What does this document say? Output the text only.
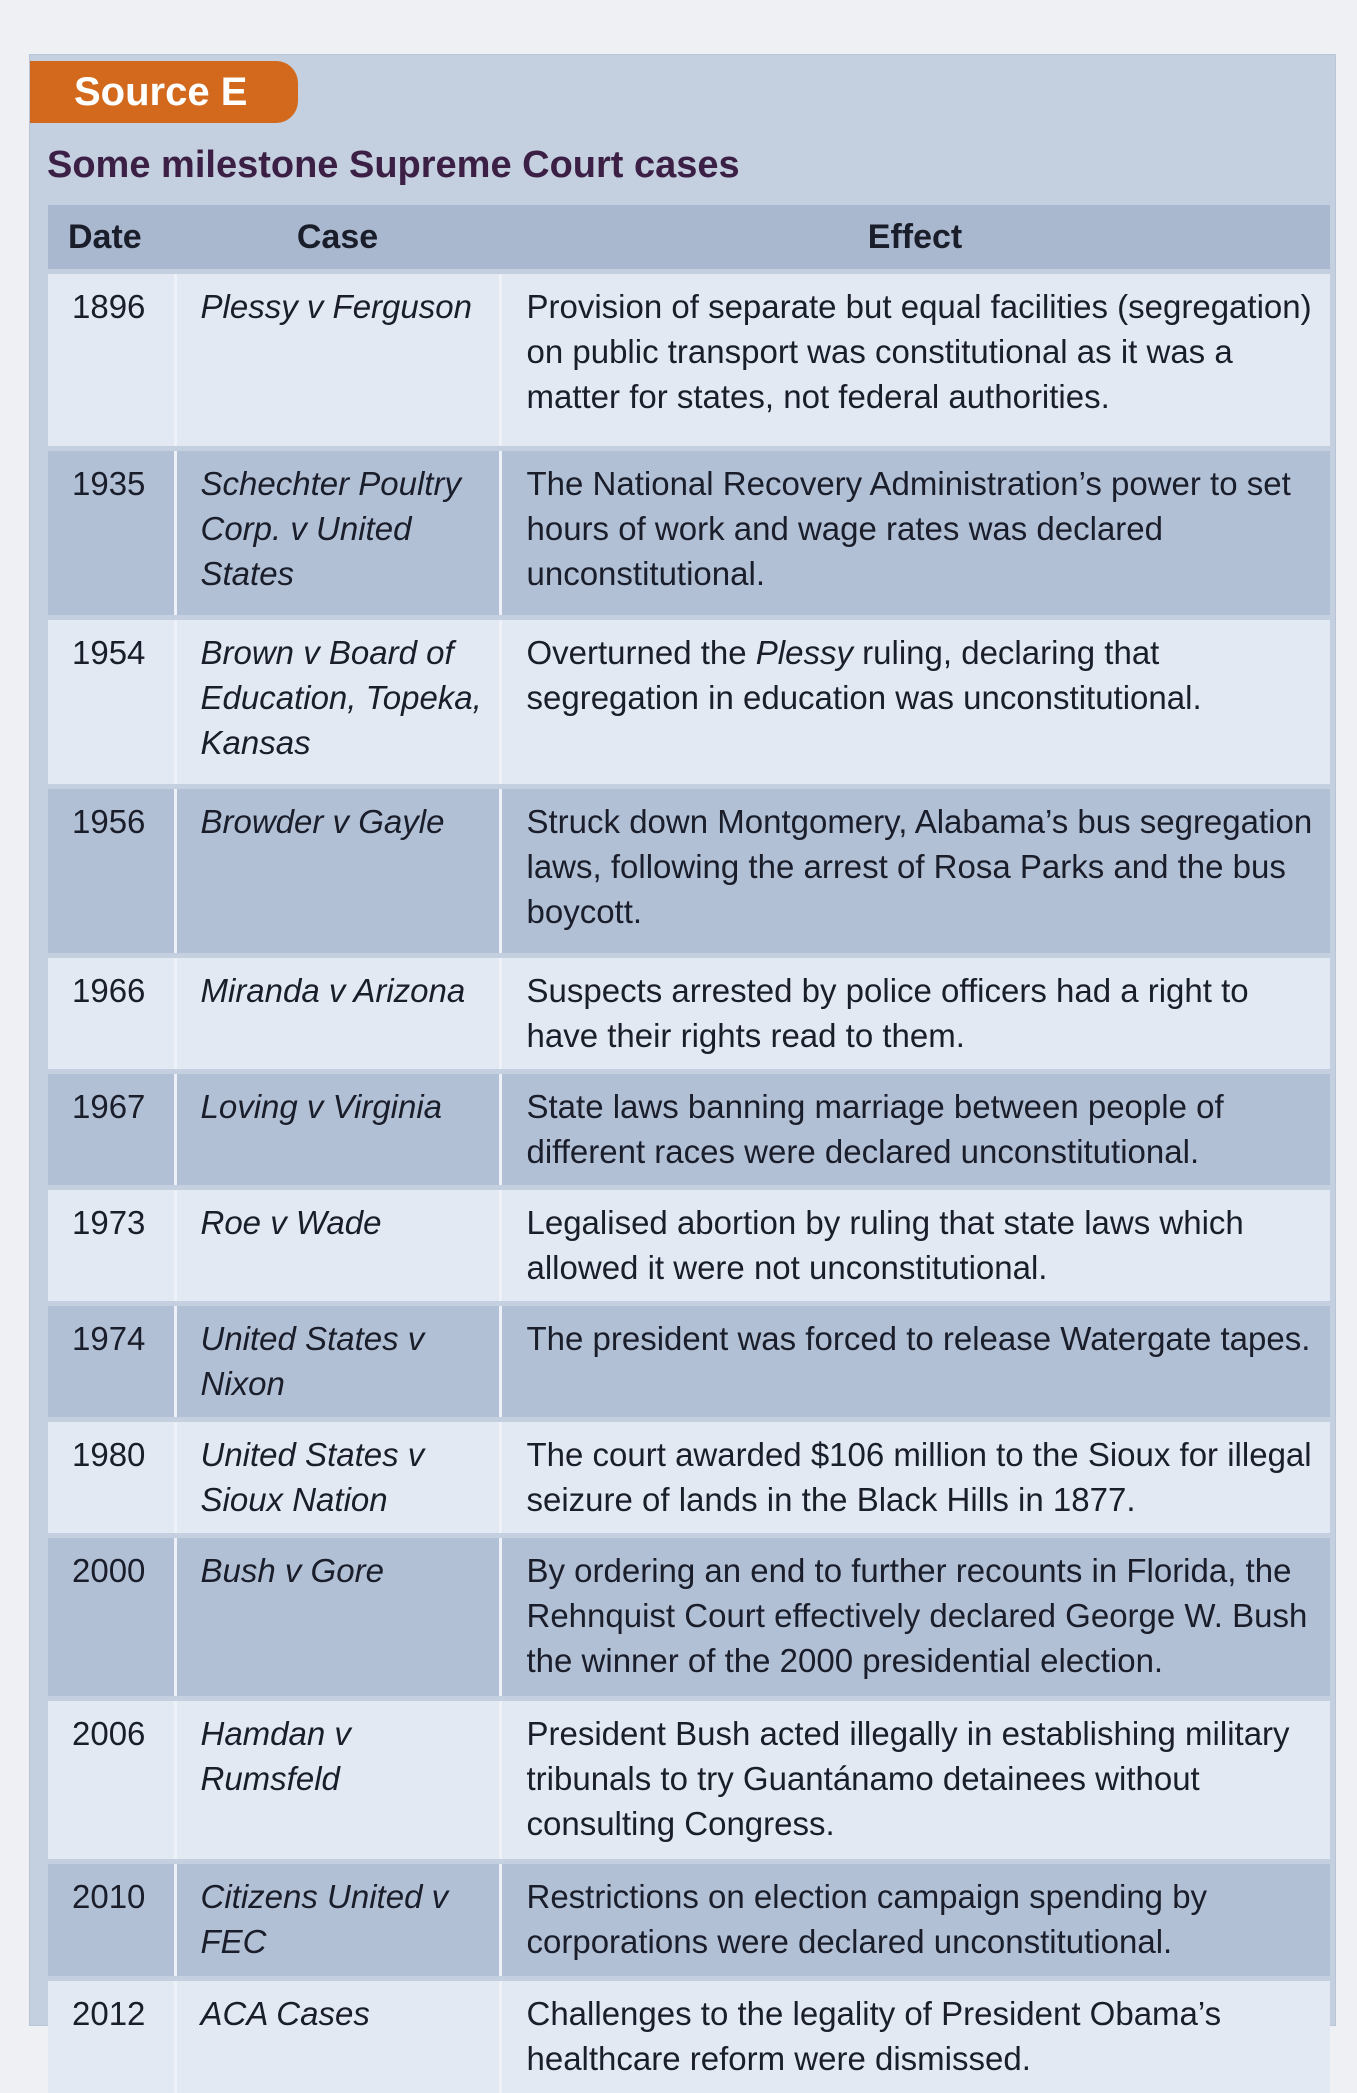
Source E
Some milestone Supreme Court cases
Date	Case	Effect
1896	Plessy v Ferguson	Provision of separate but equal facilities (segregation) on public transport was constitutional as it was a matter for states, not federal authorities.
1935	Schechter Poultry Corp. v United States	The National Recovery Administration’s power to set hours of work and wage rates was declared unconstitutional.
1954	Brown v Board of Education, Topeka, Kansas	Overturned the Plessy ruling, declaring that segregation in education was unconstitutional.
1956	Browder v Gayle	Struck down Montgomery, Alabama’s bus segregation laws, following the arrest of Rosa Parks and the bus boycott.
1966	Miranda v Arizona	Suspects arrested by police officers had a right to have their rights read to them.
1967	Loving v Virginia	State laws banning marriage between people of different races were declared unconstitutional.
1973	Roe v Wade	Legalised abortion by ruling that state laws which allowed it were not unconstitutional.
1974	United States v Nixon	The president was forced to release Watergate tapes.
1980	United States v Sioux Nation	The court awarded $106 million to the Sioux for illegal seizure of lands in the Black Hills in 1877.
2000	Bush v Gore	By ordering an end to further recounts in Florida, the Rehnquist Court effectively declared George W. Bush the winner of the 2000 presidential election.
2006	Hamdan v Rumsfeld	President Bush acted illegally in establishing military tribunals to try Guantánamo detainees without consulting Congress.
2010	Citizens United v FEC	Restrictions on election campaign spending by corporations were declared unconstitutional.
2012	ACA Cases	Challenges to the legality of President Obama’s healthcare reform were dismissed.
